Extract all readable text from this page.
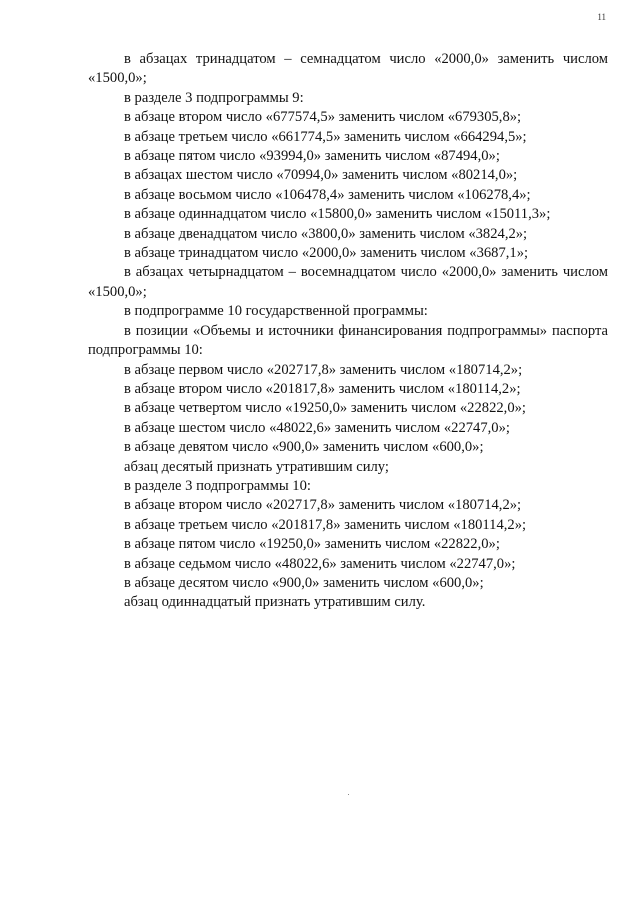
11

в абзацах тринадцатом – семнадцатом число «2000,0» заменить числом «1500,0»;

в разделе 3 подпрограммы 9:

в абзаце втором число «677574,5» заменить числом «679305,8»;

в абзаце третьем число «661774,5» заменить числом «664294,5»;

в абзаце пятом число «93994,0» заменить числом «87494,0»;

в абзацах шестом число «70994,0» заменить числом «80214,0»;

в абзаце восьмом число «106478,4» заменить числом «106278,4»;

в абзаце одиннадцатом число «15800,0» заменить числом «15011,3»;

в абзаце двенадцатом число «3800,0» заменить числом «3824,2»;

в абзаце тринадцатом число «2000,0» заменить числом «3687,1»;

в абзацах четырнадцатом – восемнадцатом число «2000,0» заменить числом «1500,0»;

в подпрограмме 10 государственной программы:

в позиции «Объемы и источники финансирования подпрограммы» паспорта подпрограммы 10:

в абзаце первом число «202717,8» заменить числом «180714,2»;

в абзаце втором число «201817,8» заменить числом «180114,2»;

в абзаце четвертом число «19250,0» заменить числом «22822,0»;

в абзаце шестом число «48022,6» заменить числом «22747,0»;

в абзаце девятом число «900,0» заменить числом «600,0»;

абзац десятый признать утратившим силу;

в разделе 3 подпрограммы 10:

в абзаце втором число «202717,8» заменить числом «180714,2»;

в абзаце третьем число «201817,8» заменить числом «180114,2»;

в абзаце пятом число «19250,0» заменить числом «22822,0»;

в абзаце седьмом число «48022,6» заменить числом «22747,0»;

в абзаце десятом число «900,0» заменить числом «600,0»;

абзац одиннадцатый признать утратившим силу.
